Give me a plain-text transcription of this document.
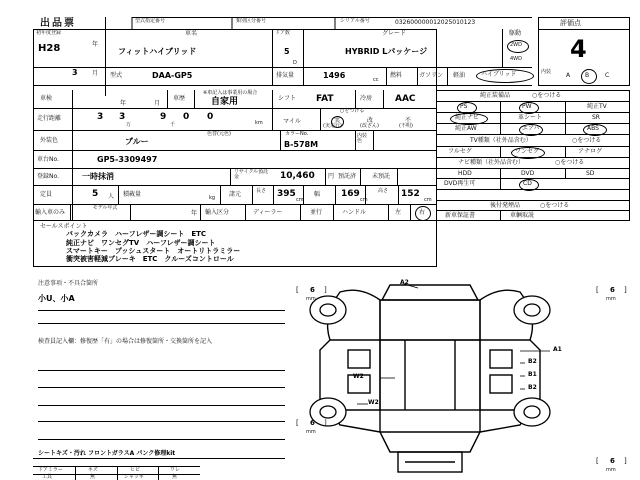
出品票	型式指定番号	類別区分番号	シリアル番号	032600000012025010123	評価点
4
初年度登録
H28	年
3 月
車名
フィットハイブリッド
ドア数
5
D
グレード
HYBRID Lパッケージ
駆動
2WD
4WD
型式	DAA-GP5	排気量	1496	cc
燃料	ガソリン 軽油	ハイブリッド	内装 A B	C
車検
年	月
車歴
※車記入は事業用の場合
自家用	シフト FAT	冷房	AAC
走行距離	3 3
万
9 0
千
0
km	マイル
○をつける
実	改	不
(実走行)	(改ざん)	(不明)
外装色	ブルー
色替(元色)	カラーNo.
B-578M
内装色
車台No.	GP5-3309497
登録No.	一時抹消	リサイクル預託金	10,460 円 預託済	未預託
定員	5 人 積載量	kg 諸元	長さ 395
cm
幅 169
cm
高さ 152
cm
輸入車のみ
モデル年式
年 輸入区分	ディーラー	並行	ハンドル	左	右
純正装備品	○をつける
PS	PW	純正TV
純正ナビ	革シート	SR
純正AW	エアバ	ABS
TV種類（社外品含む）	○をつける
フルセグ	ワンセグ	アナログ
ナビ種類（社外品含む）	○をつける
HDD	DVD	SD
DVD再生可	CD
後付発煙品	○をつける
新車保証書	車輌取説
セールスポイント
バックカメラ　ハーフレザー調シート　ETC
純正ナビ　ワンセグTV　ハーフレザー調シート
スマートキー　プッシュスタート　オートリトラミラー
衝突被害軽減ブレーキ　ETC　クルーズコントロール
注意事項・不具合箇所
小U、小A
検査員記入欄：修復歴「有」の場合は修復箇所・交換箇所を記入
[ 6 ]
mm
[ 6 ]
mm
[ 6 ]
mm
[ 6 ]
mm
A2
A1
B2
B1
B2
W2
W2
シートキズ・汚れ フロントガラスA パンク修理kit
ドアミラー	キズ	ヒビ	ワレ
工具	無	ジャッキ	無
